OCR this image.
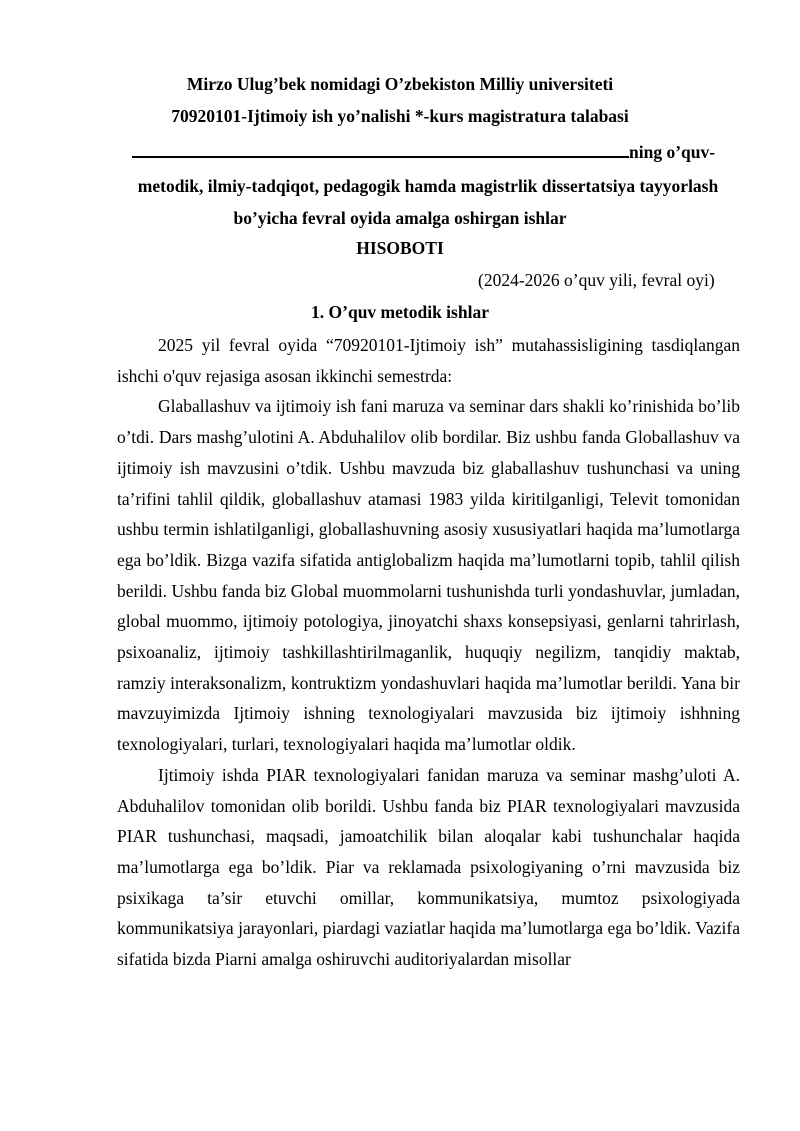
Mirzo Ulug’bek nomidagi O’zbekiston Milliy universiteti
70920101-Ijtimoiy ish yo’nalishi *-kurs magistratura talabasi
ning o’quv-
metodik, ilmiy-tadqiqot, pedagogik hamda magistrlik dissertatsiya tayyorlash
bo’yicha fevral oyida amalga oshirgan ishlar
HISOBOTI
(2024-2026 o’quv yili, fevral oyi)
1. O’quv metodik ishlar

2025 yil fevral oyida “70920101-Ijtimoiy ish” mutahassisligining tasdiqlangan ishchi o'quv rejasiga asosan ikkinchi semestrda:

Glaballashuv va ijtimoiy ish fani maruza va seminar dars shakli ko’rinishida bo’lib o’tdi. Dars mashg’ulotini A. Abduhalilov olib bordilar. Biz ushbu fanda Globallashuv va ijtimoiy ish mavzusini o’tdik. Ushbu mavzuda biz glaballashuv tushunchasi va uning ta’rifini tahlil qildik, globallashuv atamasi 1983 yilda kiritilganligi, Televit tomonidan ushbu termin ishlatilganligi, globallashuvning asosiy xususiyatlari haqida ma’lumotlarga ega bo’ldik. Bizga vazifa sifatida antiglobalizm haqida ma’lumotlarni topib, tahlil qilish berildi. Ushbu fanda biz Global muommolarni tushunishda turli yondashuvlar, jumladan, global muommo, ijtimoiy potologiya, jinoyatchi shaxs konsepsiyasi, genlarni tahrirlash, psixoanaliz, ijtimoiy tashkillashtirilmaganlik, huquqiy negilizm, tanqidiy maktab, ramziy interaksonalizm, kontruktizm yondashuvlari haqida ma’lumotlar berildi. Yana bir mavzuyimizda Ijtimoiy ishning texnologiyalari mavzusida biz ijtimoiy ishhning texnologiyalari, turlari, texnologiyalari haqida ma’lumotlar oldik.

Ijtimoiy ishda PIAR texnologiyalari fanidan maruza va seminar mashg’uloti A. Abduhalilov tomonidan olib borildi. Ushbu fanda biz PIAR texnologiyalari mavzusida PIAR tushunchasi, maqsadi, jamoatchilik bilan aloqalar kabi tushunchalar haqida ma’lumotlarga ega bo’ldik. Piar va reklamada psixologiyaning o’rni mavzusida biz psixikaga ta’sir etuvchi omillar, kommunikatsiya, mumtoz psixologiyada kommunikatsiya jarayonlari, piardagi vaziatlar haqida ma’lumotlarga ega bo’ldik. Vazifa sifatida bizda Piarni amalga oshiruvchi auditoriyalardan misollar
